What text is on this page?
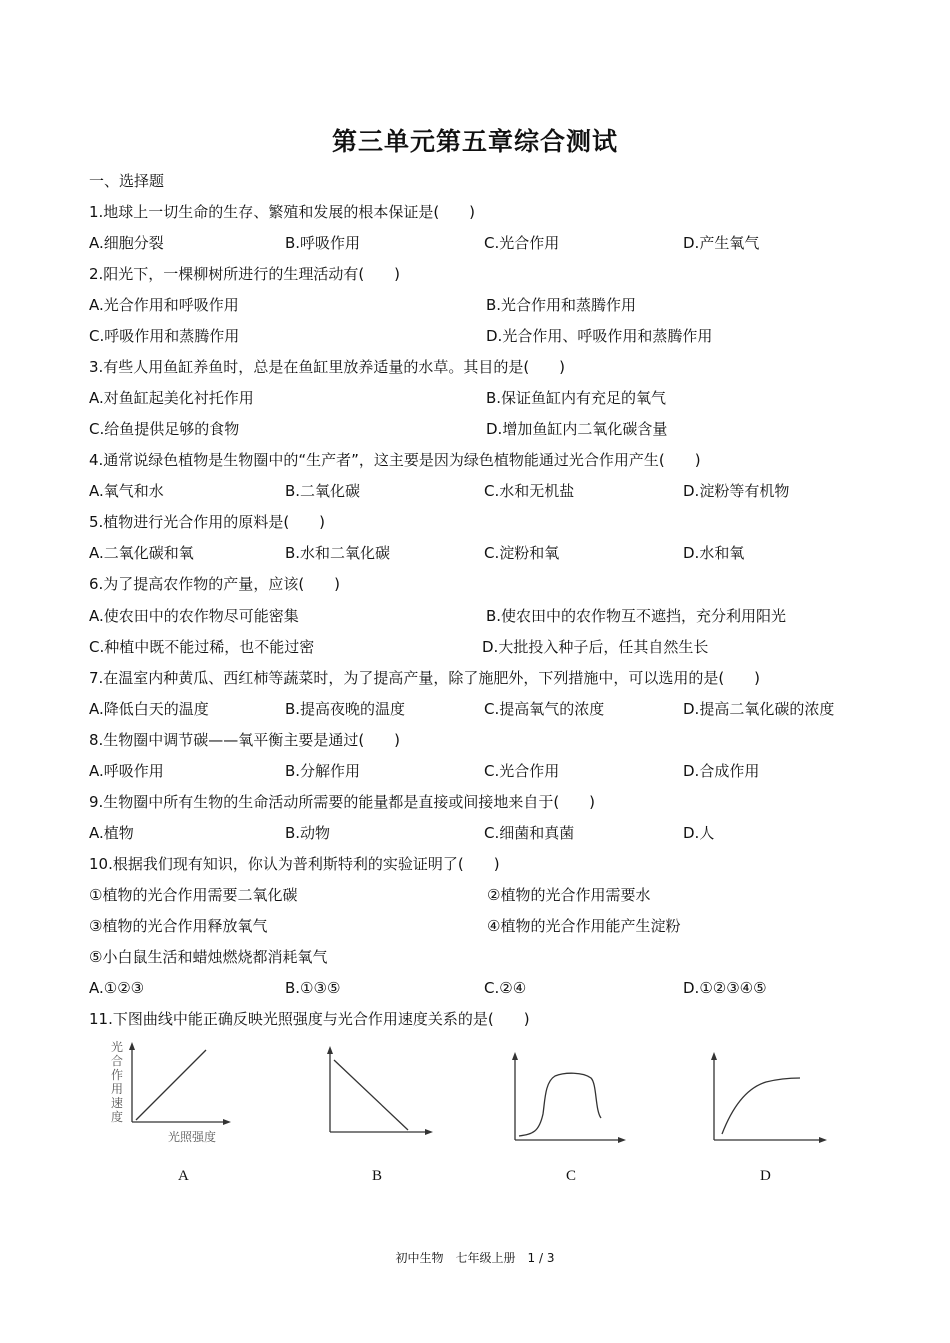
第三单元第五章综合测试
一、选择题
1.地球上一切生命的生存、繁殖和发展的根本保证是(　　)
A.细胞分裂	B.呼吸作用	C.光合作用	D.产生氧气
2.阳光下，一棵柳树所进行的生理活动有(　　)
A.光合作用和呼吸作用	B.光合作用和蒸腾作用
C.呼吸作用和蒸腾作用	D.光合作用、呼吸作用和蒸腾作用
3.有些人用鱼缸养鱼时，总是在鱼缸里放养适量的水草。其目的是(　　)
A.对鱼缸起美化衬托作用	B.保证鱼缸内有充足的氧气
C.给鱼提供足够的食物	D.增加鱼缸内二氧化碳含量
4.通常说绿色植物是生物圈中的“生产者”，这主要是因为绿色植物能通过光合作用产生(　　)
A.氧气和水	B.二氧化碳	C.水和无机盐	D.淀粉等有机物
5.植物进行光合作用的原料是(　　)
A.二氧化碳和氧	B.水和二氧化碳	C.淀粉和氧	D.水和氧
6.为了提高农作物的产量，应该(　　)
A.使农田中的农作物尽可能密集	B.使农田中的农作物互不遮挡，充分利用阳光
C.种植中既不能过稀，也不能过密	D.大批投入种子后，任其自然生长
7.在温室内种黄瓜、西红柿等蔬菜时，为了提高产量，除了施肥外，下列措施中，可以选用的是(　　)
A.降低白天的温度	B.提高夜晚的温度	C.提高氧气的浓度	D.提高二氧化碳的浓度
8.生物圈中调节碳——氧平衡主要是通过(　　)
A.呼吸作用	B.分解作用	C.光合作用	D.合成作用
9.生物圈中所有生物的生命活动所需要的能量都是直接或间接地来自于(　　)
A.植物	B.动物	C.细菌和真菌	D.人
10.根据我们现有知识，你认为普利斯特利的实验证明了(　　)
①植物的光合作用需要二氧化碳	②植物的光合作用需要水
③植物的光合作用释放氧气	④植物的光合作用能产生淀粉
⑤小白鼠生活和蜡烛燃烧都消耗氧气
A.①②③	B.①③⑤	C.②④	D.①②③④⑤
11.下图曲线中能正确反映光照强度与光合作用速度关系的是(　　)
光合作用速度
光照强度
A	B	C	D
初中生物　七年级上册　1 / 3
